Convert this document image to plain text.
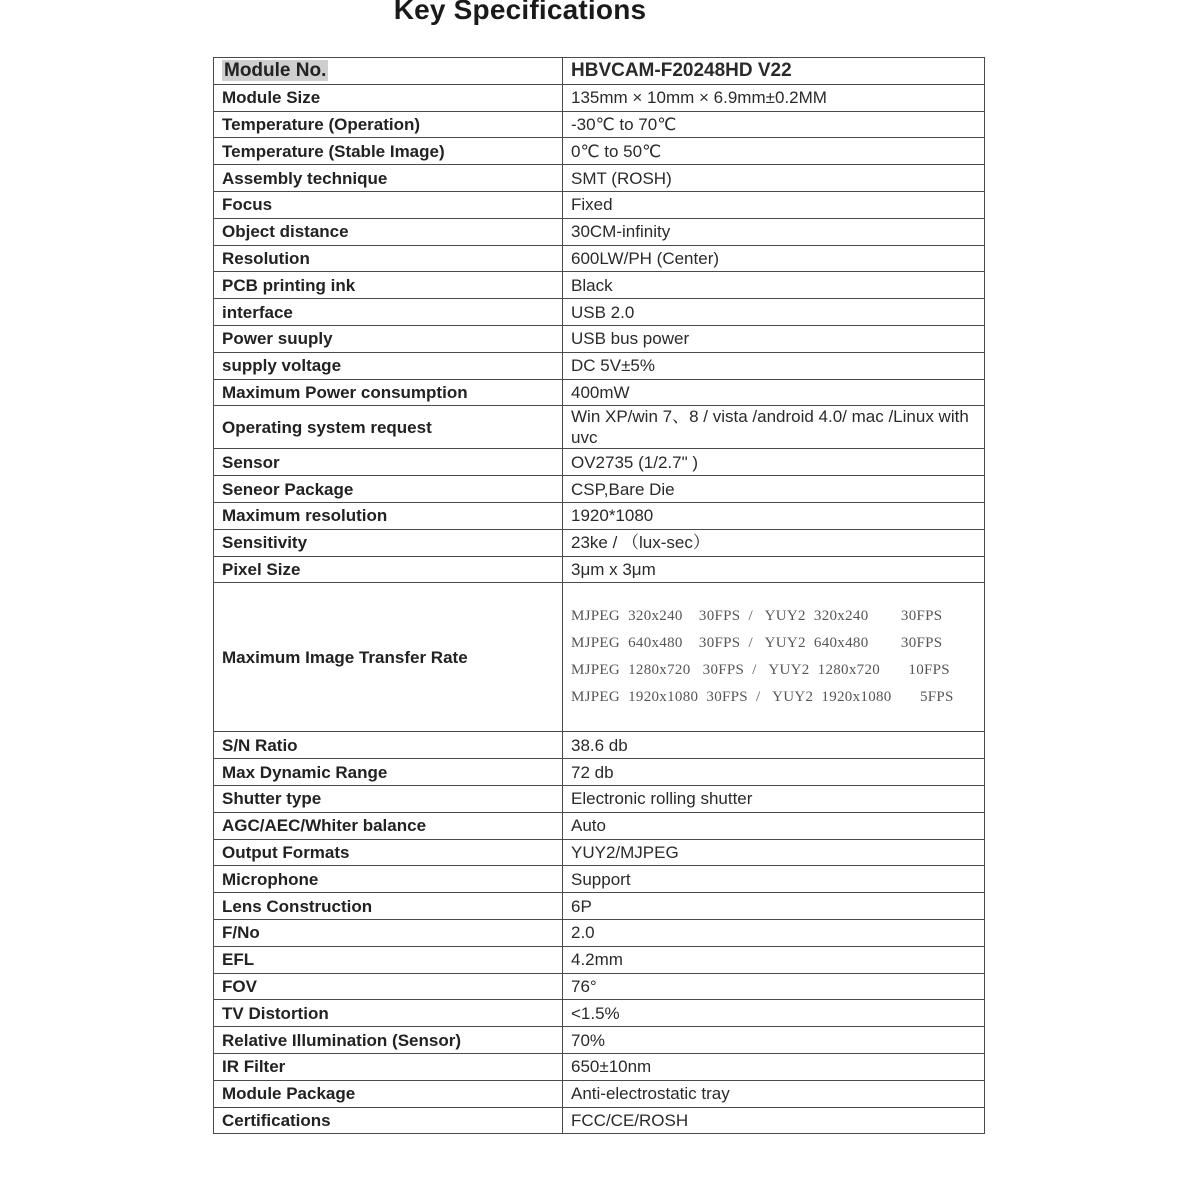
Key Specifications
Module No.	HBVCAM-F20248HD V22
Module Size	135mm × 10mm × 6.9mm±0.2MM
Temperature (Operation)	-30℃ to 70℃
Temperature (Stable Image)	0℃ to 50℃
Assembly technique	SMT (ROSH)
Focus	Fixed
Object distance	30CM-infinity
Resolution	600LW/PH (Center)
PCB printing ink	Black
interface	USB 2.0
Power suuply	USB bus power
supply voltage	DC 5V±5%
Maximum Power consumption	400mW
Operating system request	Win XP/win 7、8 / vista /android 4.0/ mac /Linux with uvc
Sensor	OV2735 (1/2.7" )
Seneor Package	CSP,Bare Die
Maximum resolution	1920*1080
Sensitivity	23ke / （lux-sec）
Pixel Size	3μm x 3μm
Maximum Image Transfer Rate	MJPEG  320x240    30FPS  /   YUY2  320x240        30FPS
MJPEG  640x480    30FPS  /   YUY2  640x480        30FPS
MJPEG  1280x720   30FPS  /   YUY2  1280x720       10FPS
MJPEG  1920x1080  30FPS  /   YUY2  1920x1080       5FPS

S/N Ratio	38.6 db
Max Dynamic Range	72 db
Shutter type	Electronic rolling shutter
AGC/AEC/Whiter balance	Auto
Output Formats	YUY2/MJPEG
Microphone	Support
Lens Construction	6P
F/No	2.0
EFL	4.2mm
FOV	76°
TV Distortion	<1.5%
Relative Illumination (Sensor)	70%
IR Filter	650±10nm
Module Package	Anti-electrostatic tray
Certifications	FCC/CE/ROSH
